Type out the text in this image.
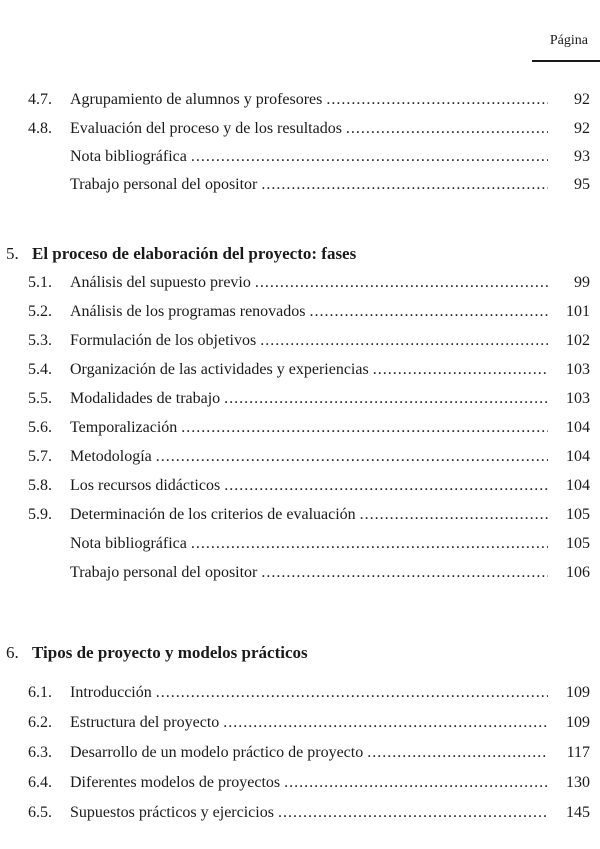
Página
4.7. Agrupamiento de alumnos y profesores .....	92
4.8. Evaluación del proceso y de los resultados .....	92
Nota bibliográfica .....	93
Trabajo personal del opositor .....	95
5. El proceso de elaboración del proyecto: fases
5.1. Análisis del supuesto previo .....	99
5.2. Análisis de los programas renovados .....	101
5.3. Formulación de los objetivos .....	102
5.4. Organización de las actividades y experiencias .....	103
5.5. Modalidades de trabajo .....	103
5.6. Temporalización .....	104
5.7. Metodología .....	104
5.8. Los recursos didácticos .....	104
5.9. Determinación de los criterios de evaluación .....	105
Nota bibliográfica .....	105
Trabajo personal del opositor .....	106
6. Tipos de proyecto y modelos prácticos
6.1. Introducción .....	109
6.2. Estructura del proyecto .....	109
6.3. Desarrollo de un modelo práctico de proyecto .....	117
6.4. Diferentes modelos de proyectos .....	130
6.5. Supuestos prácticos y ejercicios .....	145
